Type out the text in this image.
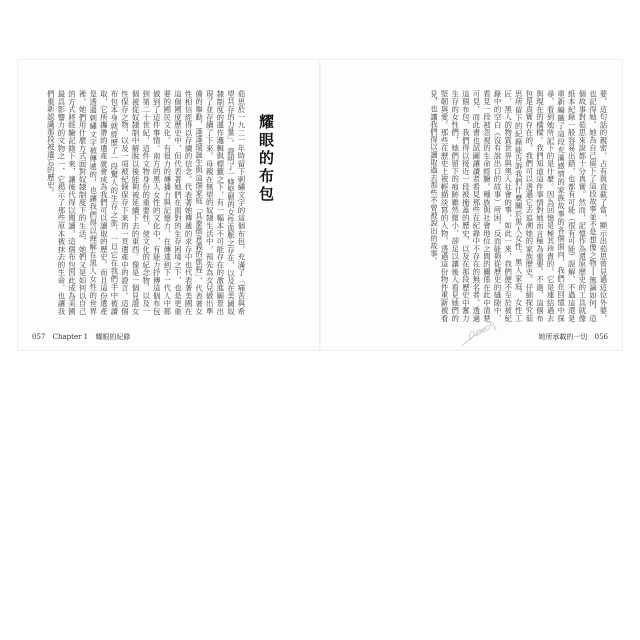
茹思於一九二一年時留下刺繡文字的這個布包，充滿了「痛苦與希望共存的力量」。證明了一條堅韌的女性血脈之存在，以及在美國奴隸制度的運作邏輯與標籤之下，有一幅本不可能存在的激進願景出現了並存續了下來。母親在無望的奴隸生活中，預先為女兒做出準備的舉動，蓬蓬瑞誕生與這個家庭「具象徵意義的旅程」，代表著女性相信經得以存續的信念。代表著她傳遞的求存中也代表著美國在這個國度歷史中，但代表著她們在面對的生存困境之下，也是更重要的國民文化。有很力的傳播力與記憶力，在傳達到下一代人中都做到了這件事情。南方的黑人女性的文化中，有能力抒傳這個布包到第二十世紀，這件文物身份的重要性，使文化的紀念物、以及一個被從奴隸制中解脫以後能夠被延續下去的東西。像是一個見證女性保存之物，以及一項被紀錄保存下來的一頁遺產中的證言。這個布包本身就經歷了一段驚人的生存之旅，一旦它在我們手中被讀取，它所攜帶的遺產就會成為我們可以讀取的歷史。而且這份遺產是透過刺繡文字被傳遞的，也讓我們得以理解在黑人女性的世界裡，她們用什麼方式面對奴隸制度下的生活，她們又是如何以自己的方式將經驗記錄下來，讓後代得以閱讀。這個布包因此成為美國最具影響力的文物之一，它揭示了那些原本被抹去的生命，也讓我們重新認識那段被遺忘的歷史。	耀眼的布包
057 Chapter 1 耀眼的紀錄
要，這句話的親密，占有與直截了當，顯示出茹思曾見過這位外婆，也記得她。她為自己留下了這段故事並不是想像之物──無論如何，這個故事對茹思來說都十分真實。然而，記憶作為還原歷史的工具就像紙本紀錄一般容易出錯，也都有可能（很有可能）誤解，不過這還是重新編織了這段充滿感情的家族故事的各個面向，我們在回憶中探尋，看到她所記下的是什麼。因為回憶是極其珍貴的，它是連結過去與現在的橋樑。我們知道這件事情對她而言極為重要。不過，這個布包是真實存在的，我們可以透過它去追溯她的家族歷史。仔細探究茹思所留下的紀錄能告訴我們什麼關於黑人女性、黑人家庭、女性工匠、黑人的物質世界與黑人社會的事，如此一來，我們便不至於被紀錄中的空白（沒有說出口的故事）所困，反而能夠從歷史的縫隙中，看見一段被忽視的生命經驗。種族與社會地位之間的關係在此中清楚可見，而此書也試圖讓讀者看見那些在紀錄中不存在的無名者。透過這個布包，我們得以接近一段被掩蓋的歷史，以及在那段歷史中奮力生存的女性們，她們留下的痕跡雖然微小，卻足以讓後人看見她們的堅韌與愛。那些在歷史上被輕描淡寫的人物，透過這份物件重新被看見，也讓我們得以讀取過去那些不曾被說出的故事。
她所承載的一切 056
